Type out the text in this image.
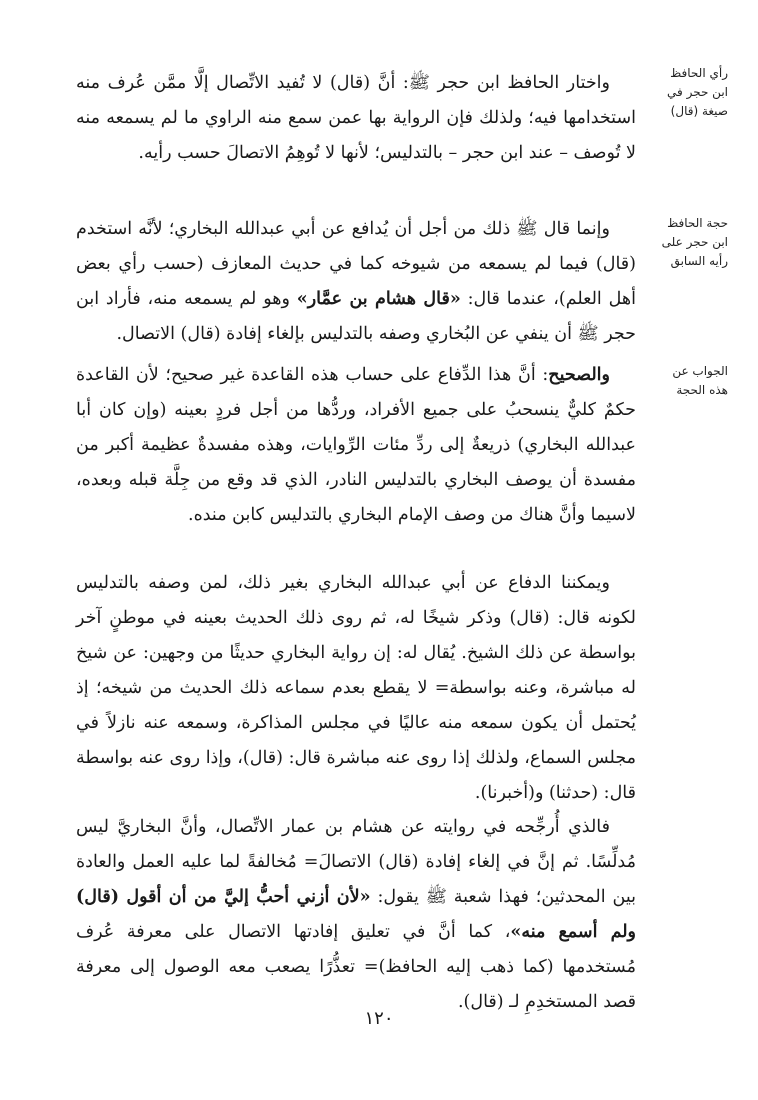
رأي الحافظ ابن حجر في صيغة (قال)

واختار الحافظ ابن حجر ﷺ: أنَّ (قال) لا تُفيد الاتِّصال إلَّا ممَّن عُرف منه استخدامها فيه؛ ولذلك فإن الرواية بها عمن سمع منه الراوي ما لم يسمعه منه لا تُوصف – عند ابن حجر – بالتدليس؛ لأنها لا تُوهِمُ الاتصالَ حسب رأيه.

حجة الحافظ ابن حجر على رأيه السابق

وإنما قال ﷺ ذلك من أجل أن يُدافع عن أبي عبدالله البخاري؛ لأنَّه استخدم (قال) فيما لم يسمعه من شيوخه كما في حديث المعازف (حسب رأي بعض أهل العلم)، عندما قال: «قال هشام بن عمَّار» وهو لم يسمعه منه، فأراد ابن حجر ﷺ أن ينفي عن البُخاري وصفه بالتدليس بإلغاء إفادة (قال) الاتصال.

الجواب عن هذه الحجة

والصحيح: أنَّ هذا الدِّفاع على حساب هذه القاعدة غير صحيح؛ لأن القاعدة حكمٌ كليٌّ ينسحبُ على جميع الأفراد، وردُّها من أجل فردٍ بعينه (وإن كان أبا عبدالله البخاري) ذريعةٌ إلى ردِّ مئات الرِّوايات، وهذه مفسدةٌ عظيمة أكبر من مفسدة أن يوصف البخاري بالتدليس النادر، الذي قد وقع من جِلَّة قبله وبعده، لاسيما وأنَّ هناك من وصف الإمام البخاري بالتدليس كابن منده.

ويمكننا الدفاع عن أبي عبدالله البخاري بغير ذلك، لمن وصفه بالتدليس لكونه قال: (قال) وذكر شيخًا له، ثم روى ذلك الحديث بعينه في موطنٍ آخر بواسطة عن ذلك الشيخ. يُقال له: إن رواية البخاري حديثًا من وجهين: عن شيخ له مباشرة، وعنه بواسطة= لا يقطع بعدم سماعه ذلك الحديث من شيخه؛ إذ يُحتمل أن يكون سمعه منه عاليًا في مجلس المذاكرة، وسمعه عنه نازلاً في مجلس السماع، ولذلك إذا روى عنه مباشرة قال: (قال)، وإذا روى عنه بواسطة قال: (حدثنا) و(أخبرنا).

فالذي أُرجِّحه في روايته عن هشام بن عمار الاتِّصال، وأنَّ البخاريَّ ليس مُدلِّسًا. ثم إنَّ في إلغاء إفادة (قال) الاتصالَ= مُخالفةً لما عليه العمل والعادة بين المحدثين؛ فهذا شعبة ﷺ يقول: «لأن أزني أحبُّ إليَّ من أن أقول (قال) ولم أسمع منه»، كما أنَّ في تعليق إفادتها الاتصال على معرفة عُرف مُستخدمها (كما ذهب إليه الحافظ)= تعذُّرًا يصعب معه الوصول إلى معرفة قصد المستخدِمِ لـ (قال).

١٢٠
